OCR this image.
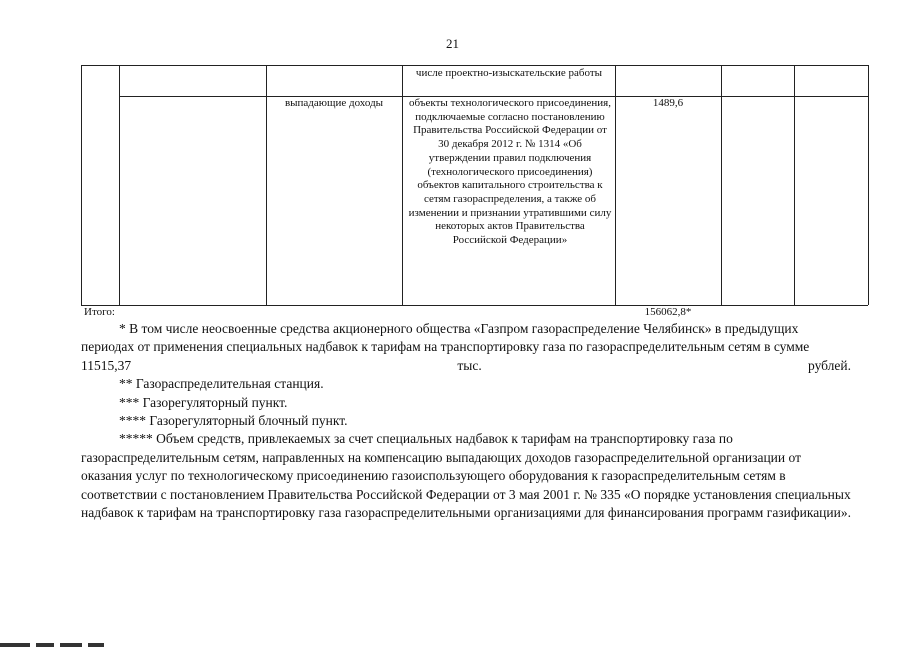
21
числе проектно-изыскательские работы
выпадающие доходы	объекты технологического присоединения, подключаемые согласно постановлению Правительства Российской Федерации от 30 декабря 2012 г. № 1314 «Об утверждении правил подключения (технологического присоединения) объектов капитального строительства к сетям газораспределения, а также об изменении и признании утратившими силу некоторых актов Правительства Российской Федерации»
1489,6
Итого:	156062,8*

* В том числе неосвоенные средства акционерного общества «Газпром газораспределение Челябинск» в предыдущих периодах от применения специальных надбавок к тарифам на транспортировку газа по газораспределительным сетям в сумме 11515,37 тыс. рублей.

** Газораспределительная станция.

*** Газорегуляторный пункт.

**** Газорегуляторный блочный пункт.

***** Объем средств, привлекаемых за счет специальных надбавок к тарифам на транспортировку газа по газораспределительным сетям, направленных на компенсацию выпадающих доходов газораспределительной организации от оказания услуг по технологическому присоединению газоиспользующего оборудования к газораспределительным сетям в соответствии с постановлением Правительства Российской Федерации от 3 мая 2001 г. № 335 «О порядке установления специальных надбавок к тарифам на транспортировку газа газораспределительными организациями для финансирования программ газификации».
